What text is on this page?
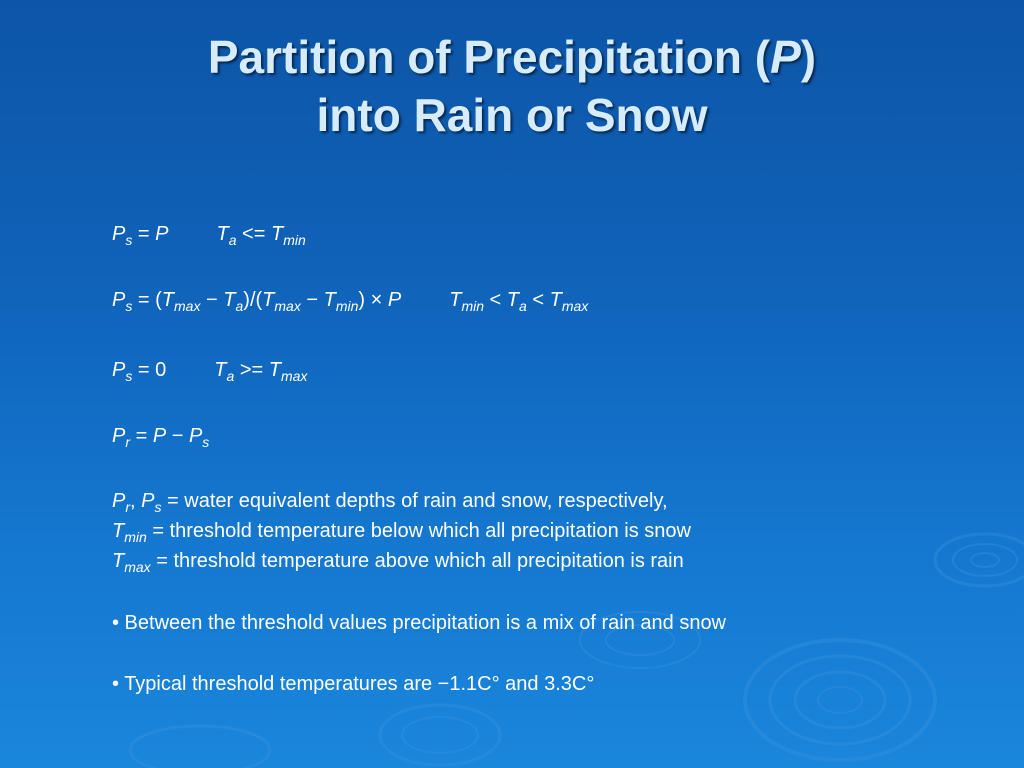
Partition of Precipitation (P)
into Rain or Snow
$P_s = P$ $T_a <= T_{min}$
$P_s = (T_{max} - T_a)/(T_{max} - T_{min}) \times P$ $T_{min} < T_a < T_{max}$
$P_s = 0$ $T_a >= T_{max}$
$P_r = P - P_s$
$P_r$, $P_s$ = water equivalent depths of rain and snow, respectively,
$T_{min}$ = threshold temperature below which all precipitation is snow
$T_{max}$ = threshold temperature above which all precipitation is rain
• Between the threshold values precipitation is a mix of rain and snow
• Typical threshold temperatures are −1.1C° and 3.3C°
